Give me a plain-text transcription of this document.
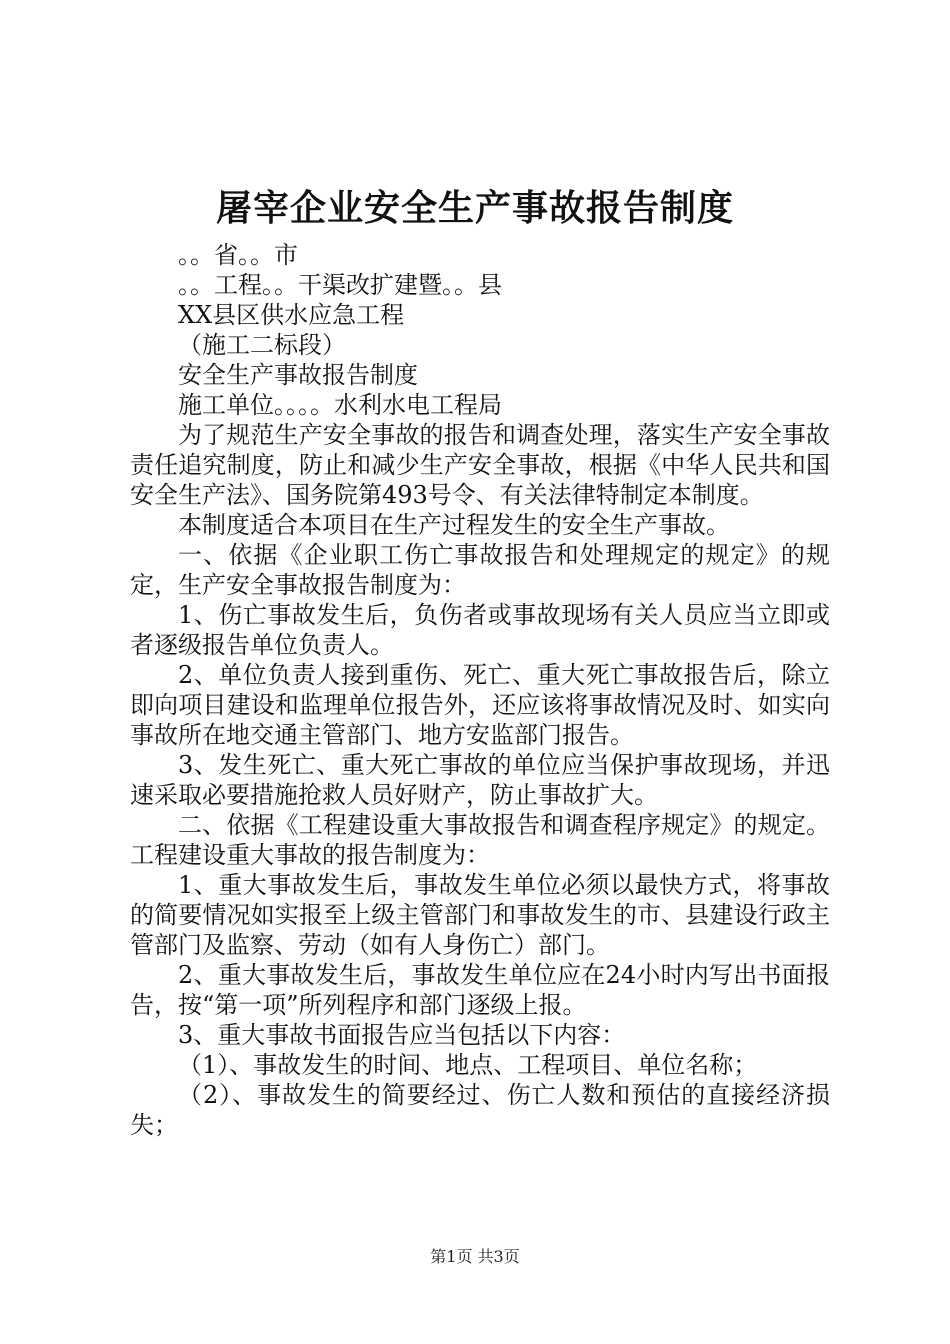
屠宰企业安全生产事故报告制度
。。省。。市
。。工程。。干渠改扩建暨。。县
XX县区供水应急工程
（施工二标段）
安全生产事故报告制度
施工单位。。。。水利水电工程局

为了规范生产安全事故的报告和调查处理，落实生产安全事故责任追究制度，防止和减少生产安全事故，根据《中华人民共和国安全生产法》、国务院第493号令、有关法律特制定本制度。

本制度适合本项目在生产过程发生的安全生产事故。

一、依据《企业职工伤亡事故报告和处理规定的规定》的规定，生产安全事故报告制度为：

1、伤亡事故发生后，负伤者或事故现场有关人员应当立即或者逐级报告单位负责人。

2、单位负责人接到重伤、死亡、重大死亡事故报告后，除立即向项目建设和监理单位报告外，还应该将事故情况及时、如实向事故所在地交通主管部门、地方安监部门报告。

3、发生死亡、重大死亡事故的单位应当保护事故现场，并迅速采取必要措施抢救人员好财产，防止事故扩大。

二、依据《工程建设重大事故报告和调查程序规定》的规定。工程建设重大事故的报告制度为：

1、重大事故发生后，事故发生单位必须以最快方式，将事故的简要情况如实报至上级主管部门和事故发生的市、县建设行政主管部门及监察、劳动（如有人身伤亡）部门。

2、重大事故发生后，事故发生单位应在24小时内写出书面报告，按“第一项”所列程序和部门逐级上报。

3、重大事故书面报告应当包括以下内容：

（1）、事故发生的时间、地点、工程项目、单位名称；

（2）、事故发生的简要经过、伤亡人数和预估的直接经济损失；

第1页 共3页
